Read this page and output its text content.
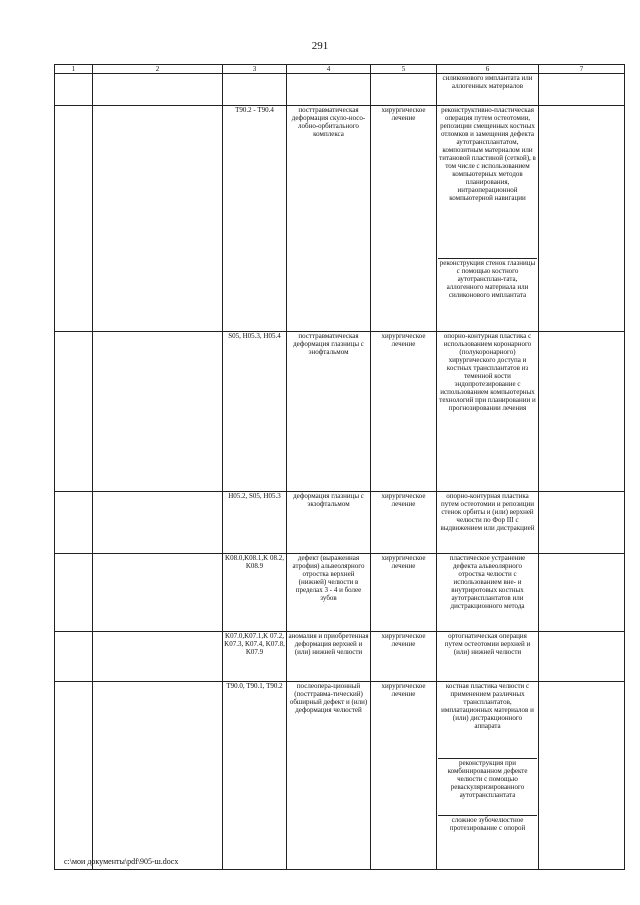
291
1	2	3	4	5	6	7

					силиконового имплантата или аллогенных материалов	

		T90.2 - T90.4	посттравматическая деформация скуло-носо-лобно-орбитального комплекса	хирургическое лечение	реконструктивно-пластическая операция путем остеотомии, репозиции смещенных костных отломков и замещения дефекта аутотрансплантатом, композитным материалом или титановой пластиной (сеткой), в том числе с использованием компьютерных методов планирования, интраоперационной компьютерной навигации
реконструкция стенок глазницы с помощью костного аутотрансплан-тата, аллогенного материала или силиконового имплантата	

		S05, H05.3, H05.4	посттравматическая деформация глазницы с энофтальмом	хирургическое лечение	опорно-контурная пластика с использованием коронарного (полукоронарного) хирургического доступа и костных трансплантатов из теменной кости эндопротезирование с использованием компьютерных технологий при планировании и прогнозировании лечения	

		H05.2, S05, H05.3	деформация глазницы с экзофтальмом	хирургическое лечение	опорно-контурная пластика путем остеотомии и репозиции стенок орбиты и (или) верхней челюсти по Фор III с выдвижением или дистракцией	

		K08.0,K08.1,K 08.2, K08.9	дефект (выраженная атрофия) альвеолярного отростка верхней (нижней) челюсти в пределах 3 - 4 и более зубов	хирургическое лечение	пластическое устранение дефекта альвеолярного отростка челюсти с использованием вне- и внутриротовых костных аутотрансплантатов или дистракционного метода	

		K07.0,K07.1,K 07.2, K07.3, K07.4, K07.8, K07.9	аномалия и приобретенная деформация верхней и (или) нижней челюсти	хирургическое лечение	ортогнатическая операция путем остеотомии верхней и (или) нижней челюсти	

		T90.0, T90.1, T90.2	послеопера-ционный (посттравма-тический) обширный дефект и (или) деформация челюстей	хирургическое лечение	костная пластика челюсти с применением различных трансплантатов, имплатационных материалов и (или) дистракционного аппарата
реконструкция при комбинированном дефекте челюсти с помощью реваскуляризированного аутотрансплантата
сложное зубочелюстное протезирование с опорой	

c:\мои документы\pdf\905-ш.docx
